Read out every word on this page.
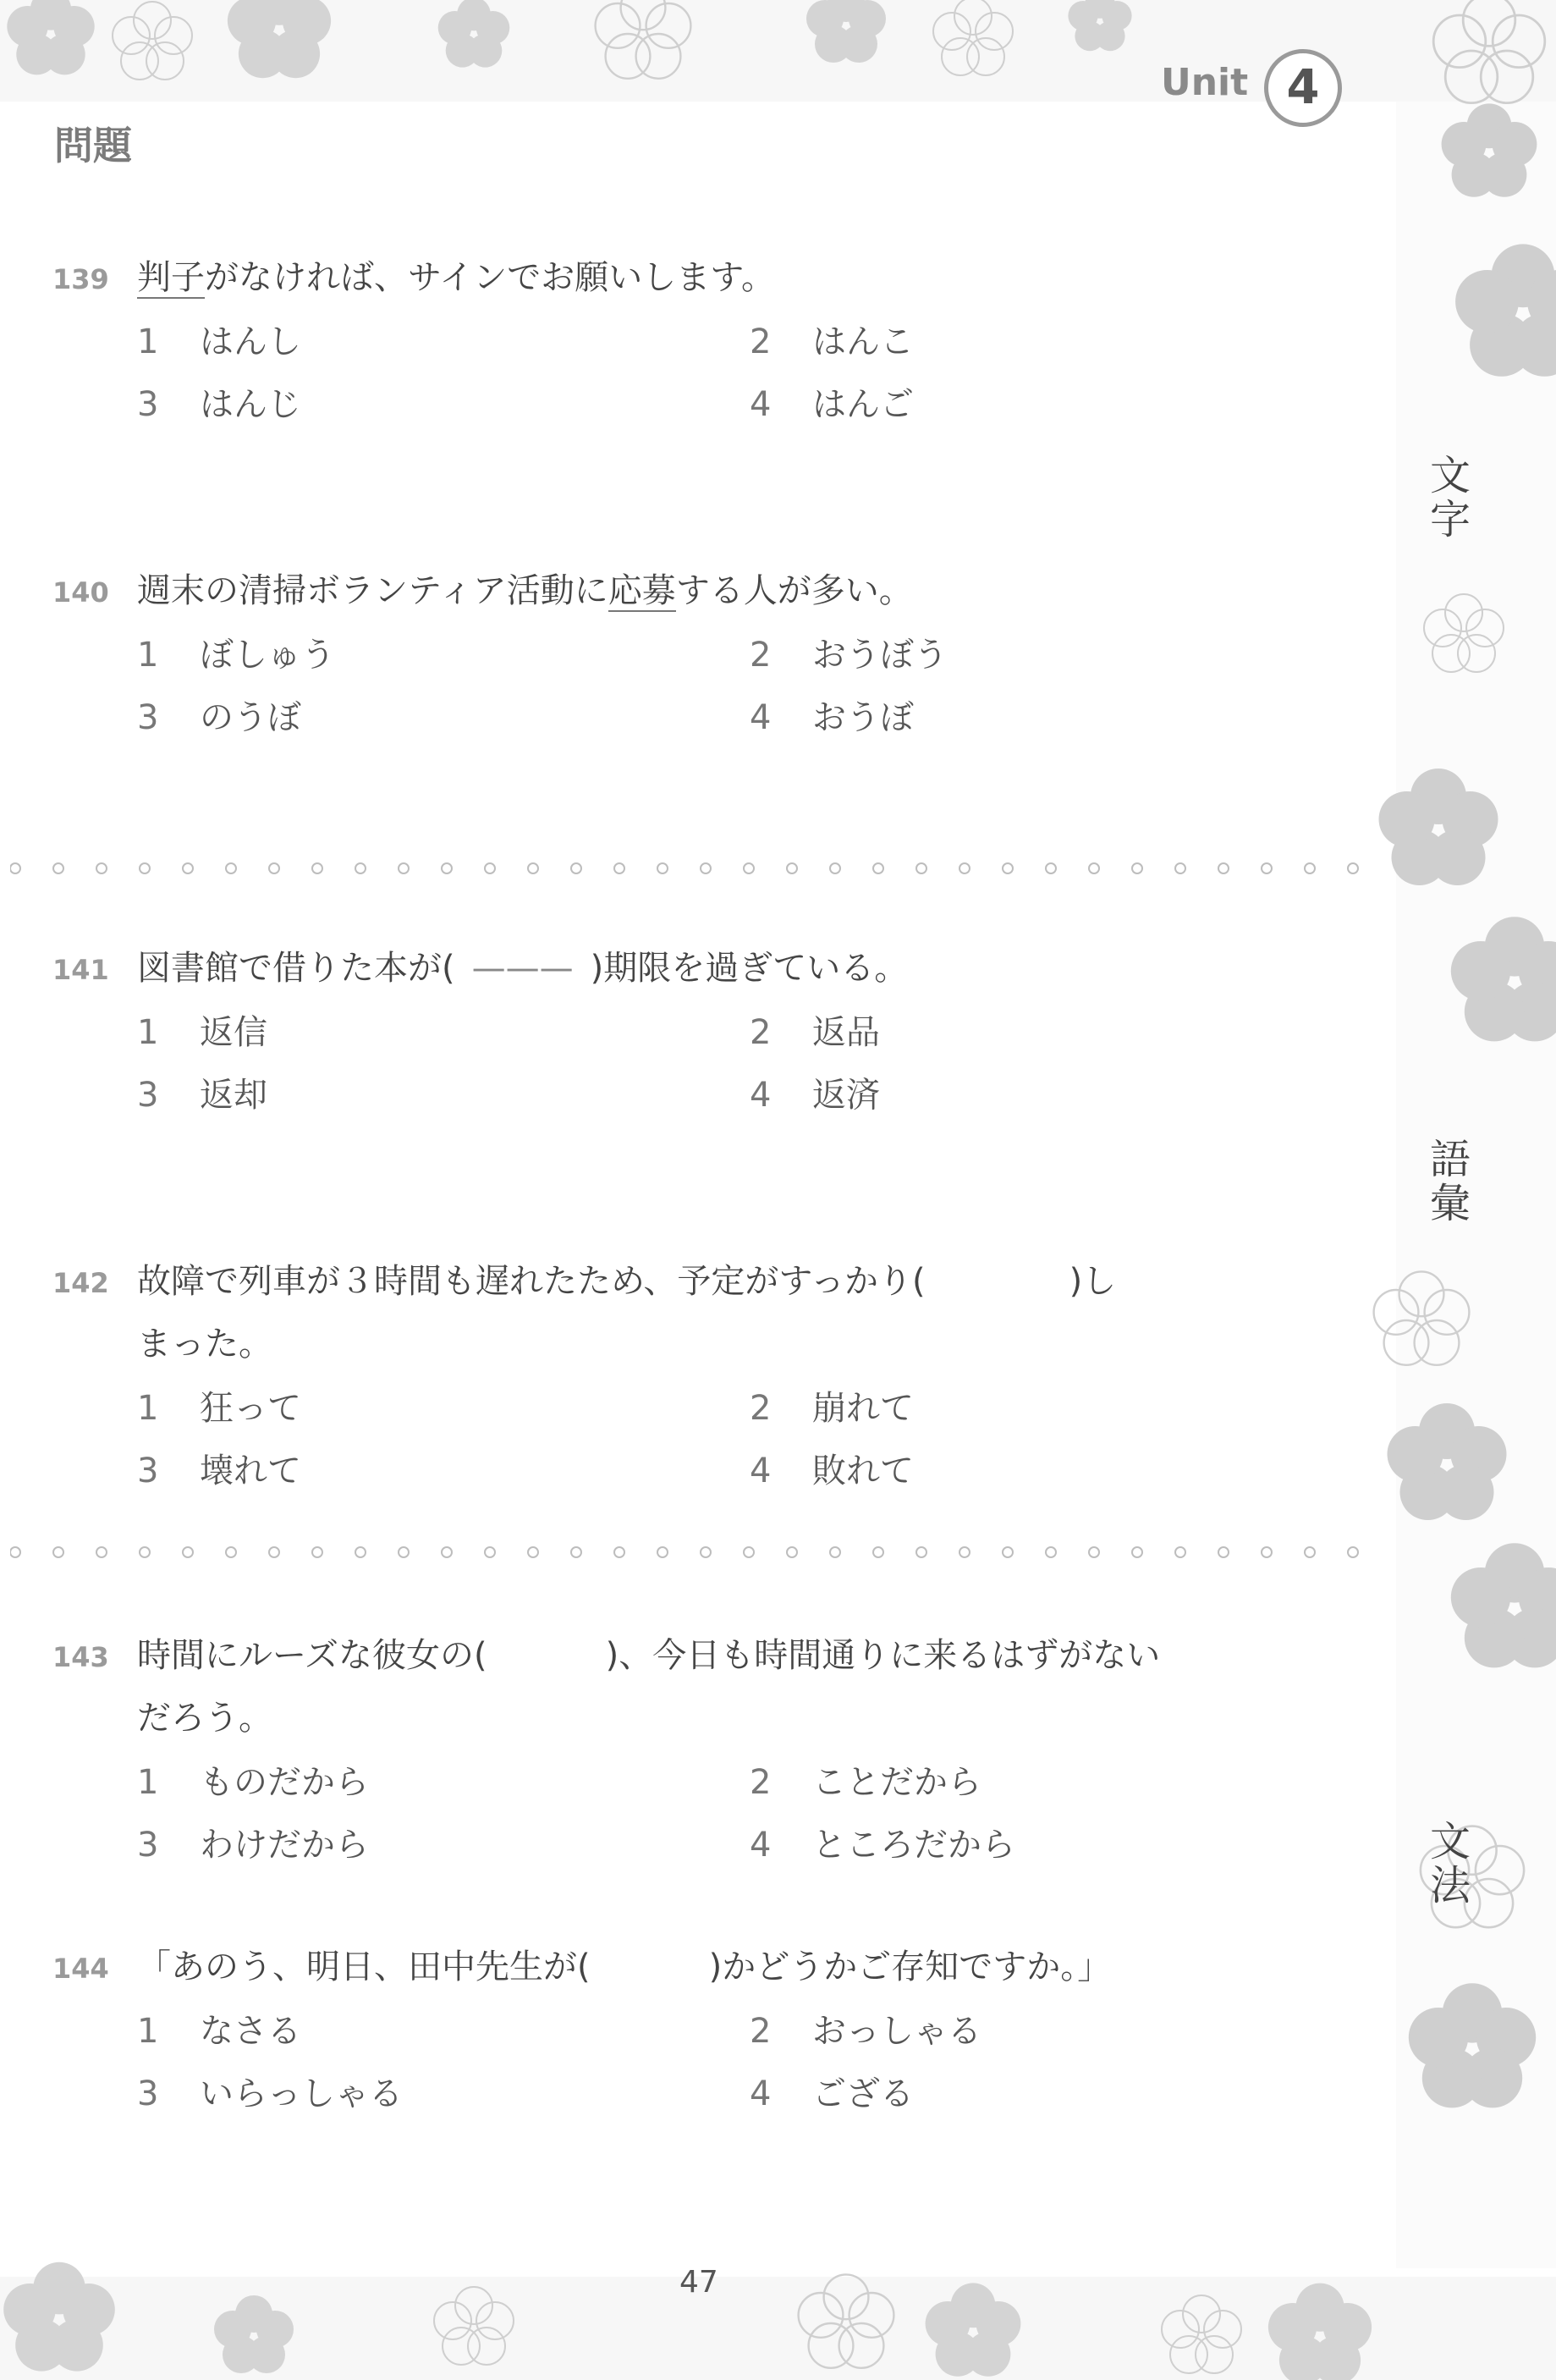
問題
Unit 4
139 判子がなければ、サインでお願いします。
1 はんし	2 はんこ
3 はんじ	4 はんご
140 週末の清掃ボランティア活動に応募する人が多い。
1 ぼしゅう	2 おうぼう
3 のうぼ	4 おうぼ
141 図書館で借りた本が( ——— )期限を過ぎている。
1 返信	2 返品
3 返却	4 返済
142 故障で列車が３時間も遅れたため、予定がすっかり(	)し
まった。
1 狂って	2 崩れて
3 壊れて	4 敗れて
143 時間にルーズな彼女の(	)、今日も時間通りに来るはずがない
だろう。
1 ものだから	2 ことだから
3 わけだから	4 ところだから
144 「あのう、明日、田中先生が(	)かどうかご存知ですか。」
1 なさる	2 おっしゃる
3 いらっしゃる	4 ござる
文字
語彙
文法
47
